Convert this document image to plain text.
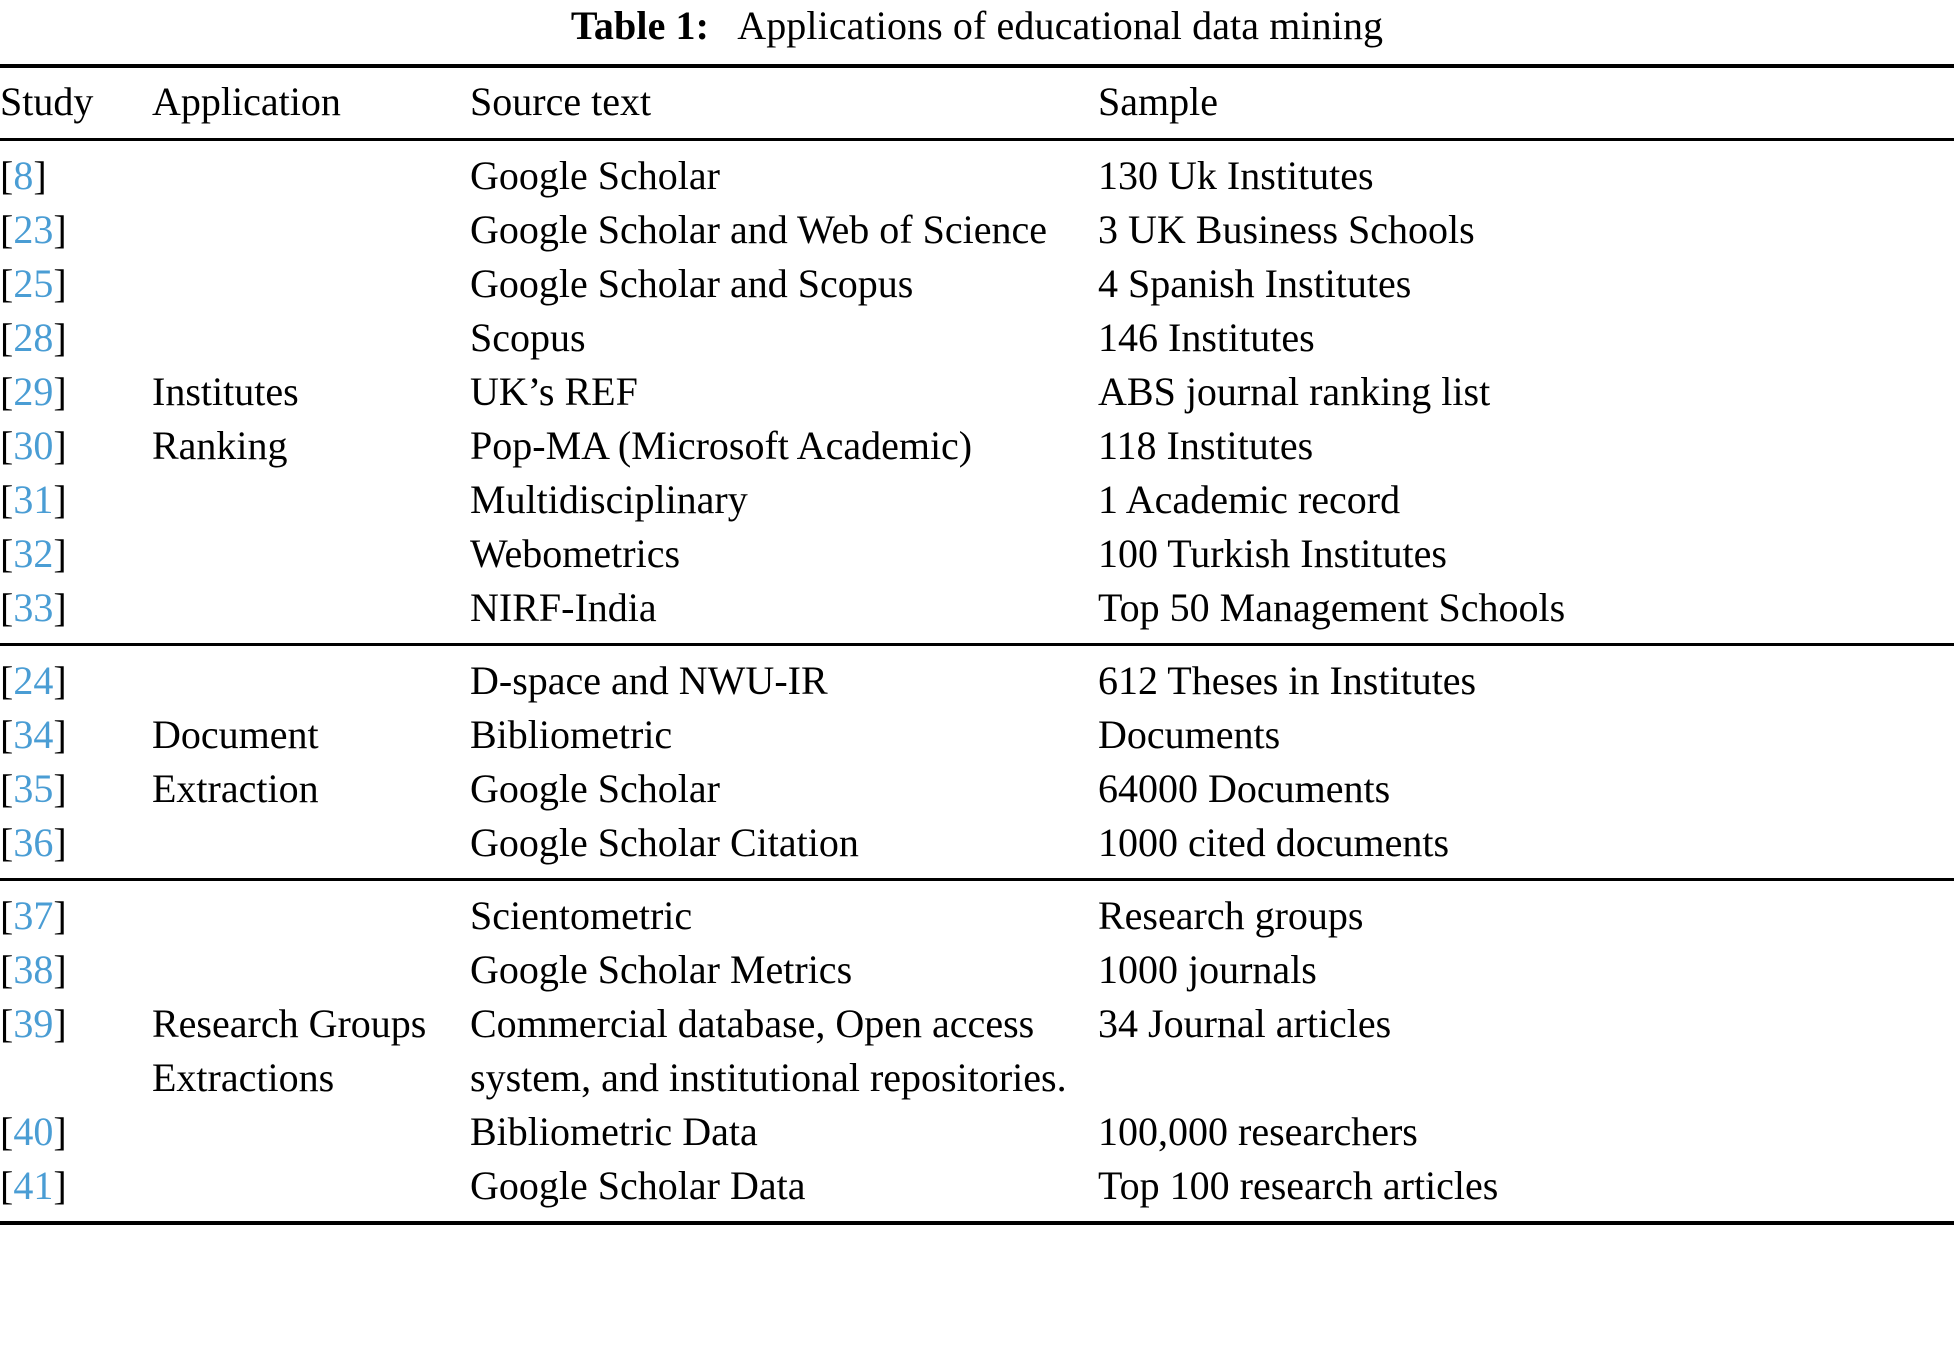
Table 1: Applications of educational data mining

Study	Application	Source text	Sample

[8]		Google Scholar	130 Uk Institutes
[23]		Google Scholar and Web of Science	3 UK Business Schools
[25]		Google Scholar and Scopus	4 Spanish Institutes
[28]		Scopus	146 Institutes
[29]	Institutes	UK’s REF	ABS journal ranking list
[30]	Ranking	Pop-MA (Microsoft Academic)	118 Institutes
[31]		Multidisciplinary	1 Academic record
[32]		Webometrics	100 Turkish Institutes
[33]		NIRF-India	Top 50 Management Schools

[24]		D-space and NWU-IR	612 Theses in Institutes
[34]	Document	Bibliometric	Documents
[35]	Extraction	Google Scholar	64000 Documents
[36]		Google Scholar Citation	1000 cited documents

[37]		Scientometric	Research groups
[38]		Google Scholar Metrics	1000 journals
[39]	Research Groups	Commercial database, Open access	34 Journal articles
	Extractions	system, and institutional repositories.	
[40]		Bibliometric Data	100,000 researchers
[41]		Google Scholar Data	Top 100 research articles
